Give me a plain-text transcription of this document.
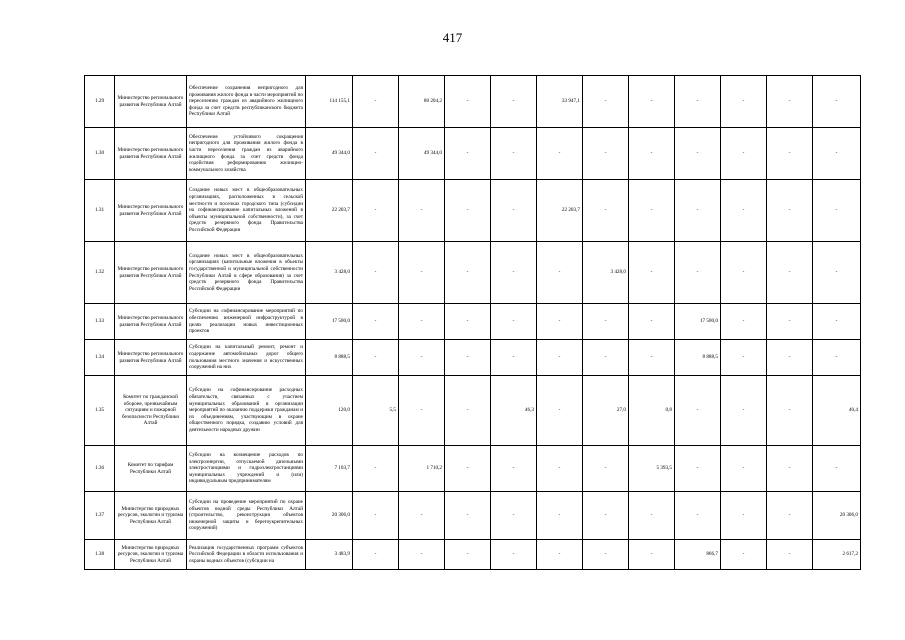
417
1.29	Министерство регионального развития Республики Алтай	Обеспечение сохранения непригодного для проживания жилого фонда в части мероприятий по переселению граждан из аварийного жилищного фонда за счет средств республиканского бюджета Республики Алтай	114 155,1	-	80 204,2	-	-	33 947,1	-	-	-	-	-	-
1.30	Министерство регионального развития Республики Алтай	Обеспечение устойчивого сокращения непригодного для проживания жилого фонда в части переселения граждан из аварийного жилищного фонда за счет средств фонда содействия реформированию жилищно-коммунального хозяйства	49 344,0	-	49 344,0	-	-	-	-	-	-	-	-	-
1.31	Министерство регионального развития Республики Алтай	Создание новых мест в общеобразовательных организациях, расположенных в сельской местности и поселках городского типа (субсидии на софинансирование капитальных вложений в объекты муниципальной собственности), за счет средств резервного фонда Правительства Российской Федерации	22 203,7	-	-	-	-	22 203,7	-	-	-	-	-	-
1.32	Министерство регионального развития Республики Алтай	Создание новых мест в общеобразовательных организациях (капитальные вложения в объекты государственной и муниципальной собственности Республики Алтай в сфере образования) за счет средств резервного фонда Правительства Российской Федерации	3 428,0	-	-	-	-	-	3 428,0	-	-	-	-	-
1.33	Министерство регионального развития Республики Алтай	Субсидии на софинансирование мероприятий по обеспечению инженерной инфраструктурой в целях реализации новых инвестиционных проектов	17 500,0	-	-	-	-	-	-	-	17 500,0	-	-	-
1.34	Министерство регионального развития Республики Алтай	Субсидии на капитальный ремонт, ремонт и содержание автомобильных дорог общего пользования местного значения и искусственных сооружений на них	8 888,5	-	-	-	-	-	-	-	8 888,5	-	-	-
1.35	Комитет по гражданской обороне, чрезвычайным ситуациям и пожарной безопасности Республики Алтай	Субсидии на софинансирование расходных обязательств, связанных с участием муниципальных образований в организации мероприятий по оказанию поддержки гражданам и их объединениям, участвующим в охране общественного порядка, создавию условий для деятельности народных дружин	120,0	5,5	-	-	46,3	-	27,0	0,8	-	-	-	40,4
1.36	Комитет по тарифам Республики Алтай	Субсидии на возмещение расходов по электроэнергии, отпускаемой дизельными электростанциями и гидроэлектростанциями муниципальных учреждений и (или) индивидуальным предпринимателям	7 103,7	-	1 710,2	-	-	-	-	5 393,5	-	-	-	-
1.37	Министерство природных ресурсов, экологии и туризма Республики Алтай	Субсидии на проведение мероприятий по охране объектов водной среды Республики Алтай (строительство, реконструкция объектов инженерной защиты и берегоукрепительных сооружений)	20 306,0	-	-	-	-	-	-	-	-	-	-	20 306,0
1.38	Министерство природных ресурсов, экологии и туризма Республики Алтай	Реализация государственных программ субъектов Российской Федерации в области использования и охраны водных объектов (субсидии на	3 483,9	-	-	-	-	-	-	-	866,7	-	-	2 617,2
